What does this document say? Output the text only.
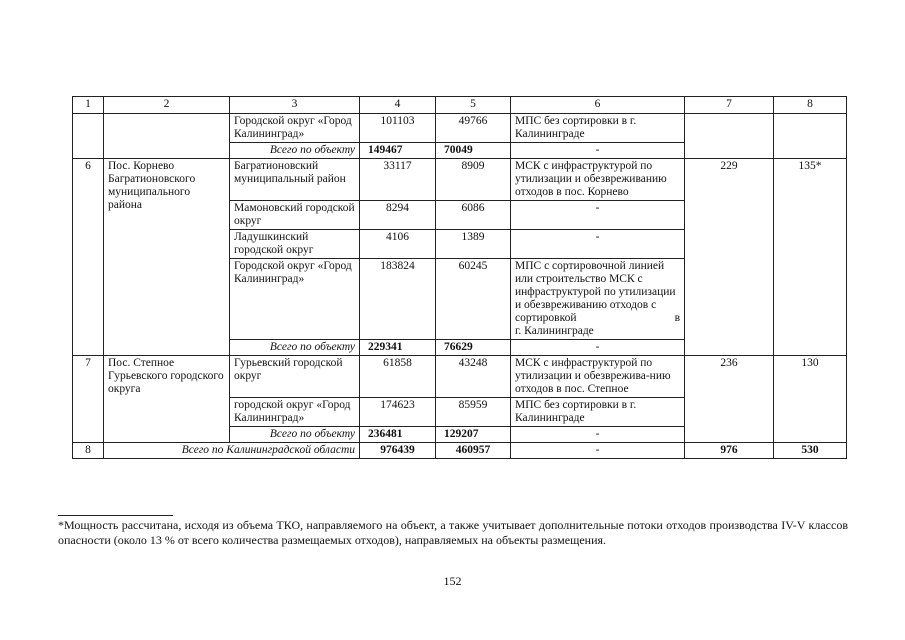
1	2	3	4	5	6	7	8
		Городской округ «Город Калининград»	101103	49766	МПС без сортировки в г. Калининграде		
		Всего по объекту	149467	70049	-		
6	Пос. Корнево Багратионовского муниципального района	Багратионовский муниципальный район	33117	8909	МСК с инфраструктурой по утилизации и обезвреживанию отходов в пос. Корнево	229	135*
		Мамоновский городской округ	8294	6086	-		
		Ладушкинский городской округ	4106	1389	-		
		Городской округ «Город Калининград»	183824	60245	МПС с сортировочной линией или строительство МСК с инфраструктурой по утилизации и обезвреживанию отходов с сортировкой в
г. Калининграде		

		Всего по объекту	229341	76629	-		
7	Пос. Степное Гурьевского городского округа	Гурьевский городской округ	61858	43248	МСК с инфраструктурой по утилизации и обезврежива-нию отходов в пос. Степное	236	130
		городской округ «Город Калининград»	174623	85959	МПС без сортировки в г. Калининграде		
		Всего по объекту	236481	129207	-		
8	Всего по Калининградской области		976439	460957	-	976	530
*Мощность рассчитана, исходя из объема ТКО, направляемого на объект, а также учитывает дополнительные потоки отходов производства IV-V классов опасности (около 13 % от всего количества размещаемых отходов), направляемых на объекты размещения.
152
